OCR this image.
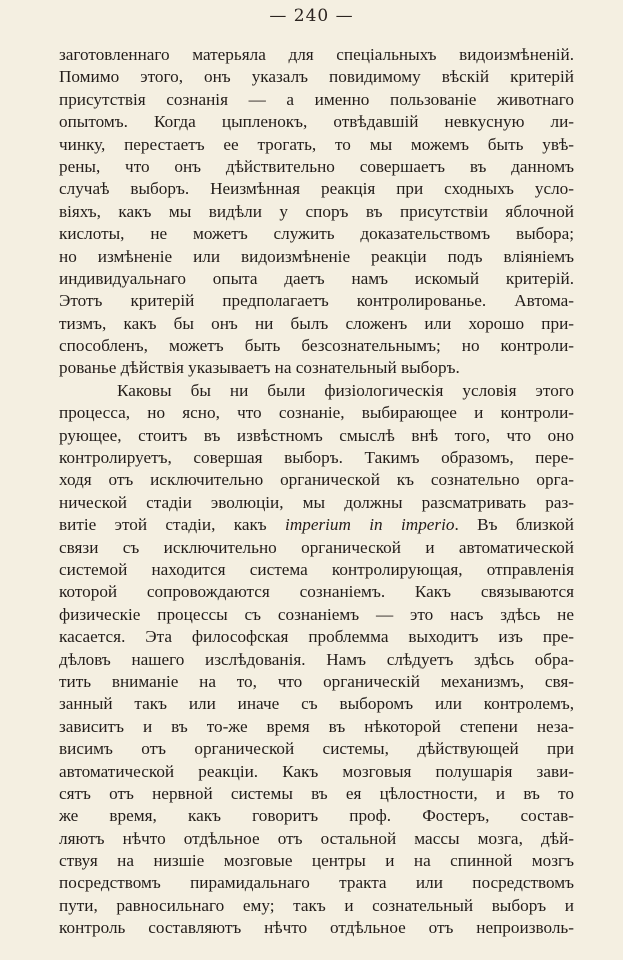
— 240 —
заготовленнаго матерьяла для спеціальныхъ видоизмѣненій.
Помимо этого, онъ указалъ повидимому вѣскій критерій
присутствія сознанія — а именно пользованіе животнаго
опытомъ. Когда цыпленокъ, отвѣдавшій невкусную ли-
чинку, перестаетъ ее трогать, то мы можемъ быть увѣ-
рены, что онъ дѣйствительно совершаетъ въ данномъ
случаѣ выборъ. Неизмѣнная реакція при сходныхъ усло-
віяхъ, какъ мы видѣли у споръ въ присутствіи яблочной
кислоты, не можетъ служить доказательствомъ выбора;
но измѣненіе или видоизмѣненіе реакціи подъ вліяніемъ
индивидуальнаго опыта даетъ намъ искомый критерій.
Этотъ критерій предполагаетъ контролированье. Автома-
тизмъ, какъ бы онъ ни былъ сложенъ или хорошо при-
способленъ, можетъ быть безсознательнымъ; но контроли-
рованье дѣйствія указываетъ на сознательный выборъ.
Каковы бы ни были физіологическія условія этого
процесса, но ясно, что сознаніе, выбирающее и контроли-
рующее, стоитъ въ извѣстномъ смыслѣ внѣ того, что оно
контролируетъ, совершая выборъ. Такимъ образомъ, пере-
ходя отъ исключительно органической къ сознательно орга-
нической стадіи эволюціи, мы должны разсматривать раз-
витіе этой стадіи, какъ imperium in imperio. Въ близкой
связи съ исключительно органической и автоматической
системой находится система контролирующая, отправленія
которой сопровождаются сознаніемъ. Какъ связываются
физическіе процессы съ сознаніемъ — это насъ здѣсь не
касается. Эта философская проблемма выходитъ изъ пре-
дѣловъ нашего изслѣдованія. Намъ слѣдуетъ здѣсь обра-
тить вниманіе на то, что органическій механизмъ, свя-
занный такъ или иначе съ выборомъ или контролемъ,
зависитъ и въ то-же время въ нѣкоторой степени неза-
висимъ отъ органической системы, дѣйствующей при
автоматической реакціи. Какъ мозговыя полушарія зави-
сятъ отъ нервной системы въ ея цѣлостности, и въ то
же время, какъ говоритъ проф. Фостеръ, состав-
ляютъ нѣчто отдѣльное отъ остальной массы мозга, дѣй-
ствуя на низшіе мозговые центры и на спинной мозгъ
посредствомъ пирамидальнаго тракта или посредствомъ
пути, равносильнаго ему; такъ и сознательный выборъ и
контроль составляютъ нѣчто отдѣльное отъ непроизволь-
